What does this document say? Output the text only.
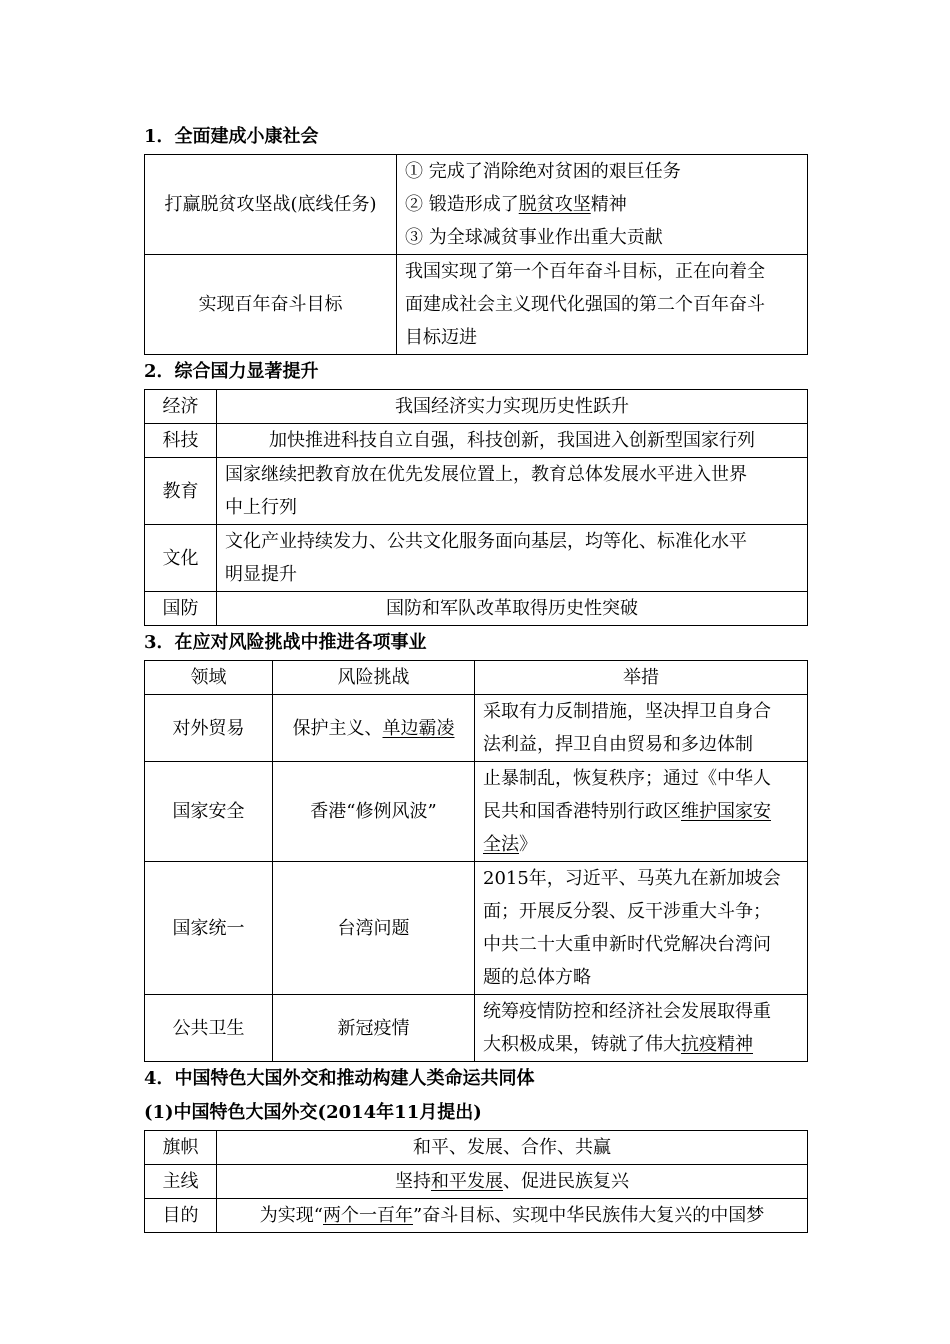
1．全面建成小康社会
打赢脱贫攻坚战(底线任务)	① 完成了消除绝对贫困的艰巨任务
② 锻造形成了脱贫攻坚精神
③ 为全球减贫事业作出重大贡献

实现百年奋斗目标	我国实现了第一个百年奋斗目标，正在向着全
面建成社会主义现代化强国的第二个百年奋斗
目标迈进
2．综合国力显著提升
经济	我国经济实力实现历史性跃升
科技	加快推进科技自立自强，科技创新，我国进入创新型国家行列
教育	国家继续把教育放在优先发展位置上，教育总体发展水平进入世界
中上行列

文化	文化产业持续发力、公共文化服务面向基层，均等化、标准化水平
明显提升

国防	国防和军队改革取得历史性突破
3．在应对风险挑战中推进各项事业
领域	风险挑战	举措
对外贸易	保护主义、单边霸凌	采取有力反制措施，坚决捍卫自身合
法利益，捍卫自由贸易和多边体制

国家安全	香港“修例风波”	止暴制乱，恢复秩序；通过《中华人
民共和国香港特别行政区维护国家安
全法》

国家统一	台湾问题	2015年，习近平、马英九在新加坡会
面；开展反分裂、反干涉重大斗争；
中共二十大重申新时代党解决台湾问
题的总体方略

公共卫生	新冠疫情	统筹疫情防控和经济社会发展取得重
大积极成果，铸就了伟大抗疫精神
4．中国特色大国外交和推动构建人类命运共同体
(1)中国特色大国外交(2014年11月提出)
旗帜	和平、发展、合作、共赢
主线	坚持和平发展、促进民族复兴
目的	为实现“两个一百年”奋斗目标、实现中华民族伟大复兴的中国梦
